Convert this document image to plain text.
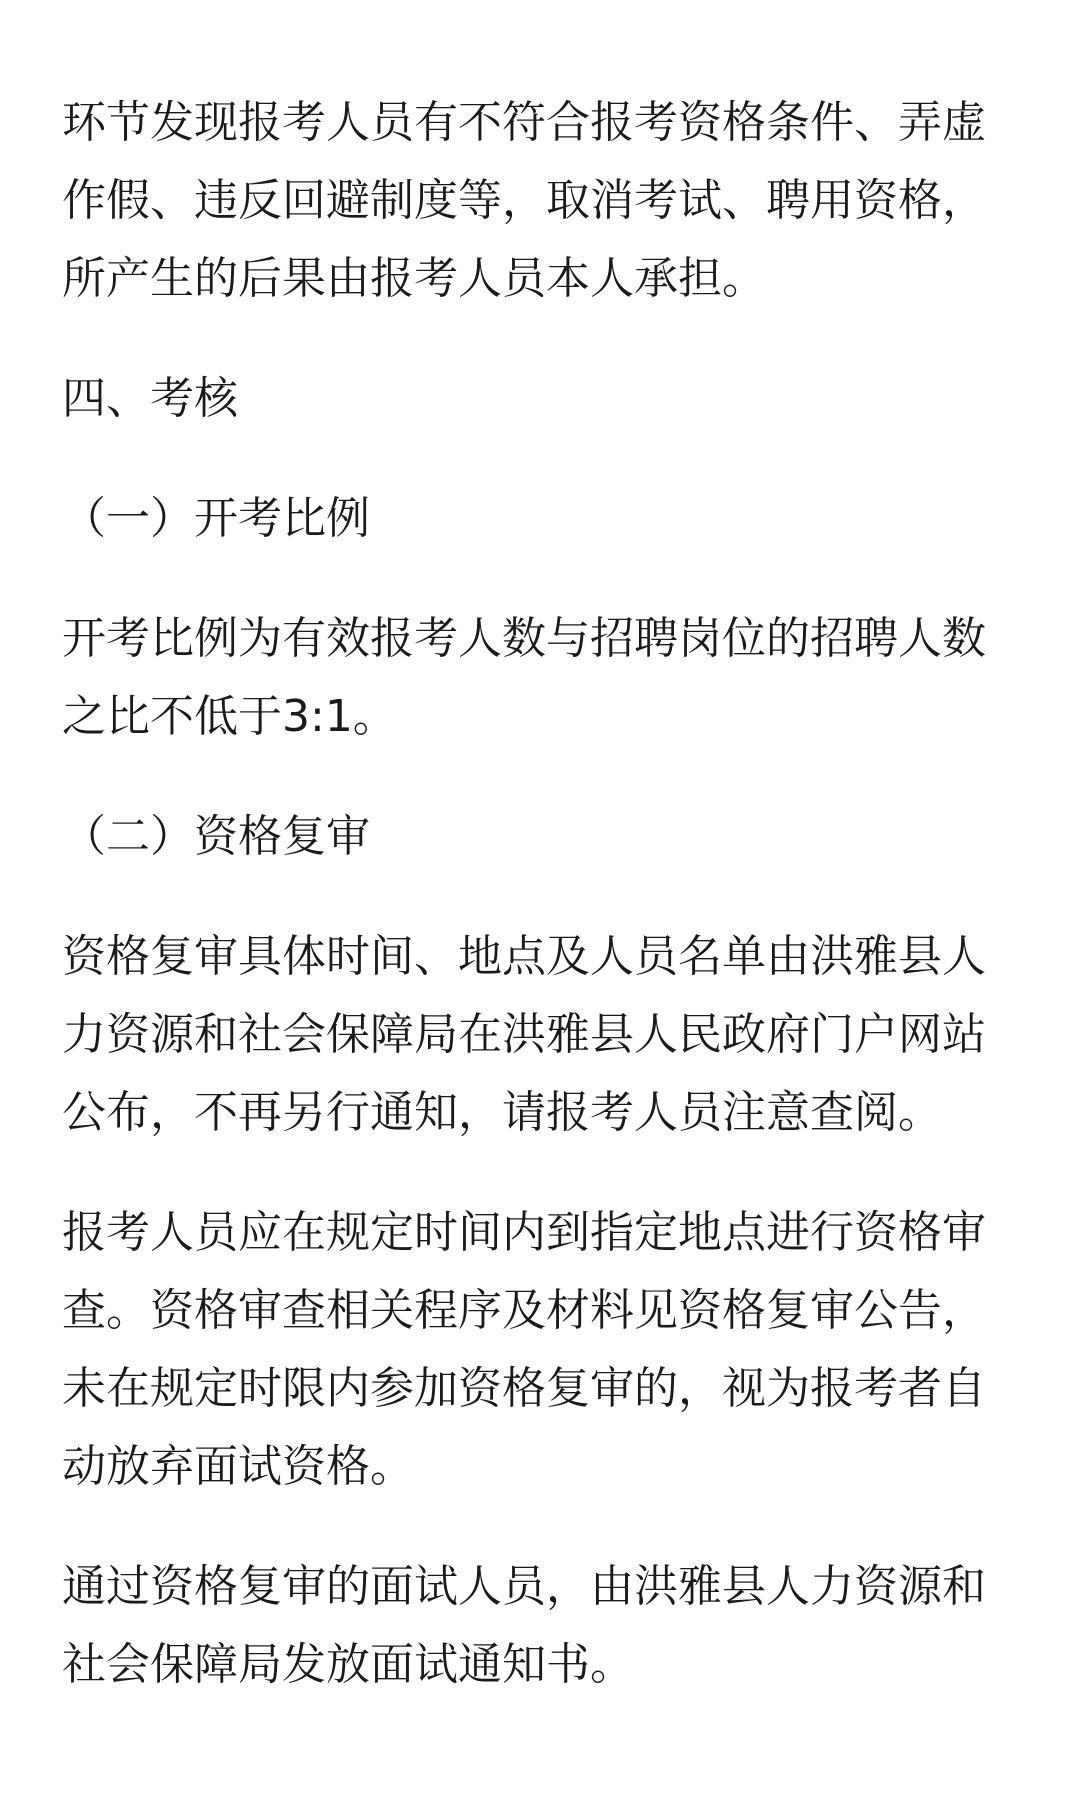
环节发现报考人员有不符合报考资格条件、弄虚作假、违反回避制度等，取消考试、聘用资格，所产生的后果由报考人员本人承担。

四、考核

（一）开考比例

开考比例为有效报考人数与招聘岗位的招聘人数之比不低于3:1。

（二）资格复审

资格复审具体时间、地点及人员名单由洪雅县人力资源和社会保障局在洪雅县人民政府门户网站公布，不再另行通知，请报考人员注意查阅。

报考人员应在规定时间内到指定地点进行资格审查。资格审查相关程序及材料见资格复审公告，未在规定时限内参加资格复审的，视为报考者自动放弃面试资格。

通过资格复审的面试人员，由洪雅县人力资源和社会保障局发放面试通知书。
